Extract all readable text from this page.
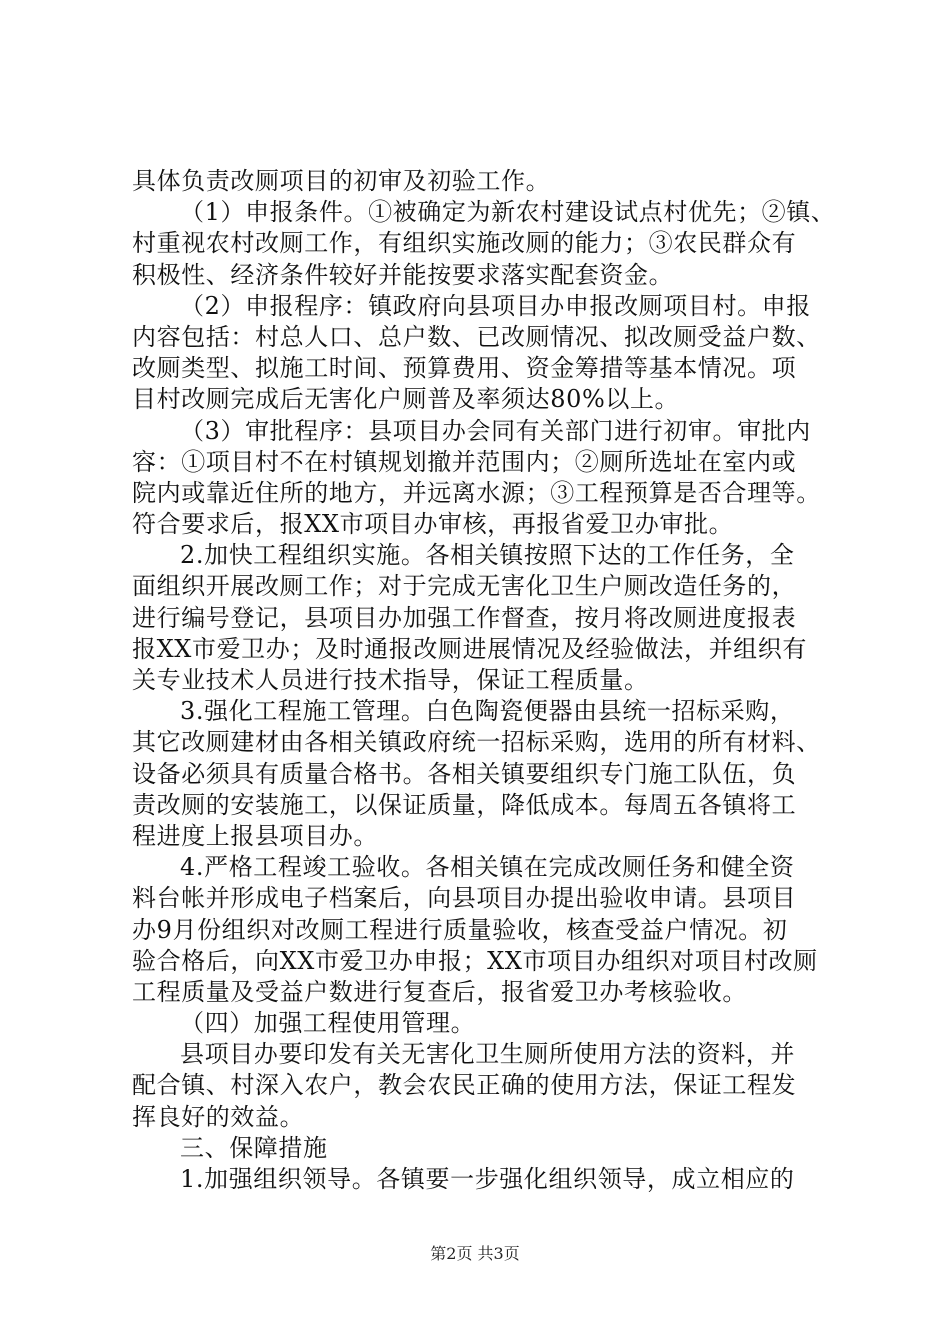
具体负责改厕项目的初审及初验工作。
（1）申报条件。①被确定为新农村建设试点村优先；②镇、
村重视农村改厕工作，有组织实施改厕的能力；③农民群众有
积极性、经济条件较好并能按要求落实配套资金。
（2）申报程序：镇政府向县项目办申报改厕项目村。申报
内容包括：村总人口、总户数、已改厕情况、拟改厕受益户数、
改厕类型、拟施工时间、预算费用、资金筹措等基本情况。项
目村改厕完成后无害化户厕普及率须达80%以上。
（3）审批程序：县项目办会同有关部门进行初审。审批内
容：①项目村不在村镇规划撤并范围内；②厕所选址在室内或
院内或靠近住所的地方，并远离水源；③工程预算是否合理等。
符合要求后，报XX市项目办审核，再报省爱卫办审批。
2.加快工程组织实施。各相关镇按照下达的工作任务，全
面组织开展改厕工作；对于完成无害化卫生户厕改造任务的，
进行编号登记，县项目办加强工作督查，按月将改厕进度报表
报XX市爱卫办；及时通报改厕进展情况及经验做法，并组织有
关专业技术人员进行技术指导，保证工程质量。
3.强化工程施工管理。白色陶瓷便器由县统一招标采购，
其它改厕建材由各相关镇政府统一招标采购，选用的所有材料、
设备必须具有质量合格书。各相关镇要组织专门施工队伍，负
责改厕的安装施工，以保证质量，降低成本。每周五各镇将工
程进度上报县项目办。
4.严格工程竣工验收。各相关镇在完成改厕任务和健全资
料台帐并形成电子档案后，向县项目办提出验收申请。县项目
办9月份组织对改厕工程进行质量验收，核查受益户情况。初
验合格后，向XX市爱卫办申报；XX市项目办组织对项目村改厕
工程质量及受益户数进行复查后，报省爱卫办考核验收。
（四）加强工程使用管理。
县项目办要印发有关无害化卫生厕所使用方法的资料，并
配合镇、村深入农户，教会农民正确的使用方法，保证工程发
挥良好的效益。
三、保障措施
1.加强组织领导。各镇要一步强化组织领导，成立相应的
第2页 共3页
